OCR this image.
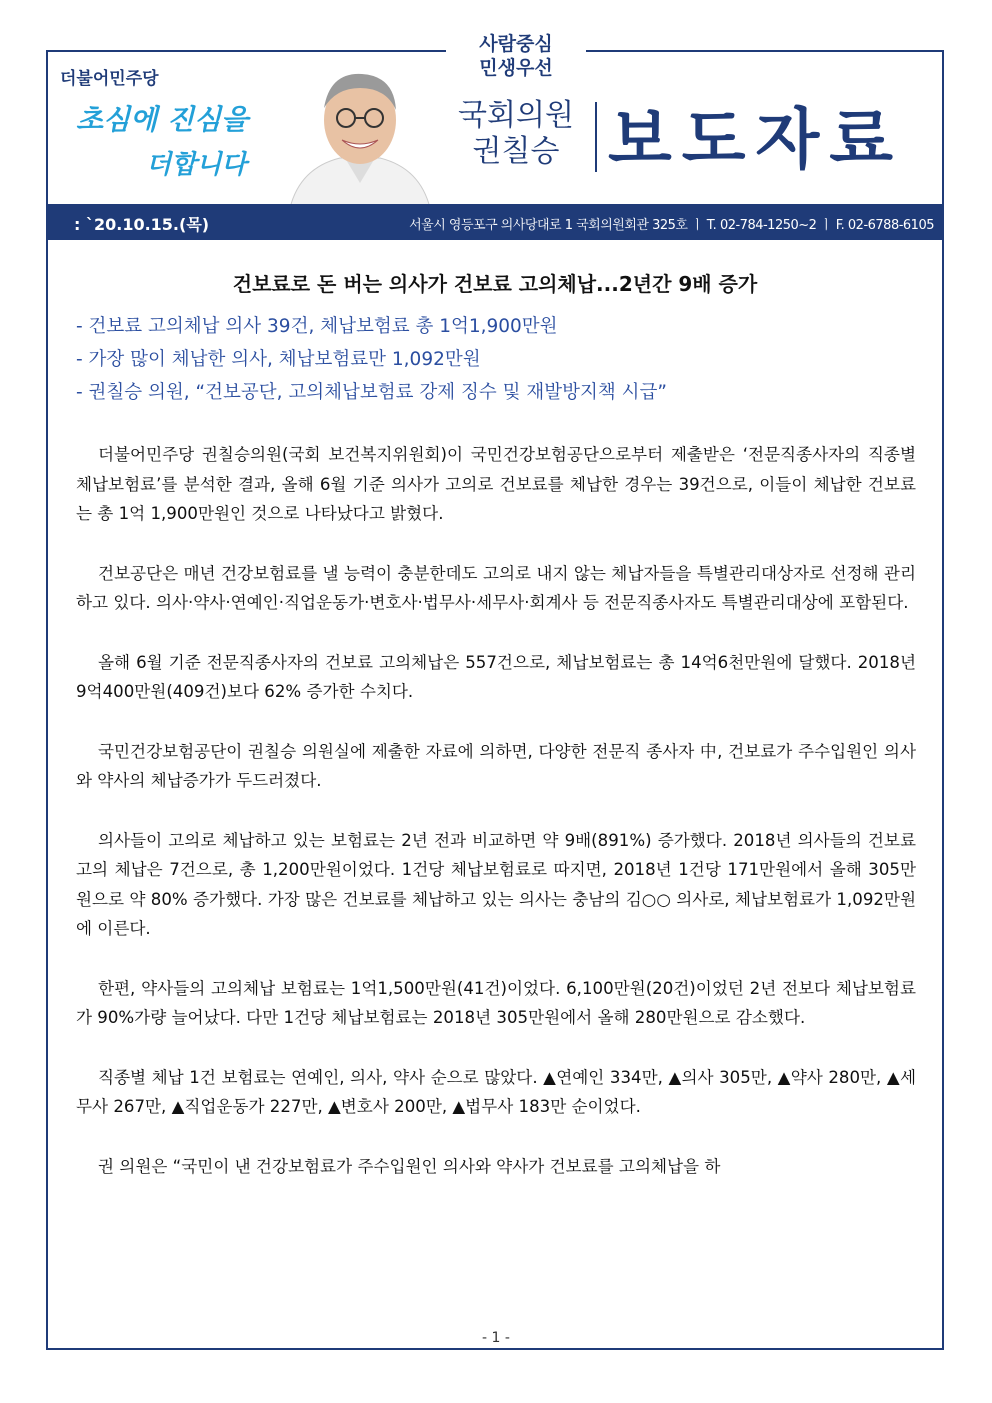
더불어민주당
초심에 진심을
더합니다
사람중심
민생우선
국회의원
권칠승 보도자료
: `20.10.15.(목)	서울시 영등포구 의사당대로 1 국회의원회관 325호 ㅣ T. 02-784-1250~2 ㅣ F. 02-6788-6105
건보료로 돈 버는 의사가 건보료 고의체납...2년간 9배 증가
- 건보료 고의체납 의사 39건, 체납보험료 총 1억1,900만원
- 가장 많이 체납한 의사, 체납보험료만 1,092만원
- 권칠승 의원, “건보공단, 고의체납보험료 강제 징수 및 재발방지책 시급”

더불어민주당 권칠승의원(국회 보건복지위원회)이 국민건강보험공단으로부터 제출받은 ‘전문직종사자의 직종별 체납보험료’를 분석한 결과, 올해 6월 기준 의사가 고의로 건보료를 체납한 경우는 39건으로, 이들이 체납한 건보료는 총 1억 1,900만원인 것으로 나타났다고 밝혔다.

건보공단은 매년 건강보험료를 낼 능력이 충분한데도 고의로 내지 않는 체납자들을 특별관리대상자로 선정해 관리하고 있다. 의사·약사·연예인·직업운동가·변호사·법무사·세무사·회계사 등 전문직종사자도 특별관리대상에 포함된다.

올해 6월 기준 전문직종사자의 건보료 고의체납은 557건으로, 체납보험료는 총 14억6천만원에 달했다. 2018년 9억400만원(409건)보다 62% 증가한 수치다.

국민건강보험공단이 권칠승 의원실에 제출한 자료에 의하면, 다양한 전문직 종사자 中, 건보료가 주수입원인 의사와 약사의 체납증가가 두드러졌다.

의사들이 고의로 체납하고 있는 보험료는 2년 전과 비교하면 약 9배(891%) 증가했다. 2018년 의사들의 건보료 고의 체납은 7건으로, 총 1,200만원이었다. 1건당 체납보험료로 따지면, 2018년 1건당 171만원에서 올해 305만원으로 약 80% 증가했다. 가장 많은 건보료를 체납하고 있는 의사는 충남의 김○○ 의사로, 체납보험료가 1,092만원에 이른다.

한편, 약사들의 고의체납 보험료는 1억1,500만원(41건)이었다. 6,100만원(20건)이었던 2년 전보다 체납보험료가 90%가량 늘어났다. 다만 1건당 체납보험료는 2018년 305만원에서 올해 280만원으로 감소했다.

직종별 체납 1건 보험료는 연예인, 의사, 약사 순으로 많았다. ▲연예인 334만, ▲의사 305만, ▲약사 280만, ▲세무사 267만, ▲직업운동가 227만, ▲변호사 200만, ▲법무사 183만 순이었다.

권 의원은 “국민이 낸 건강보험료가 주수입원인 의사와 약사가 건보료를 고의체납을 하

- 1 -
